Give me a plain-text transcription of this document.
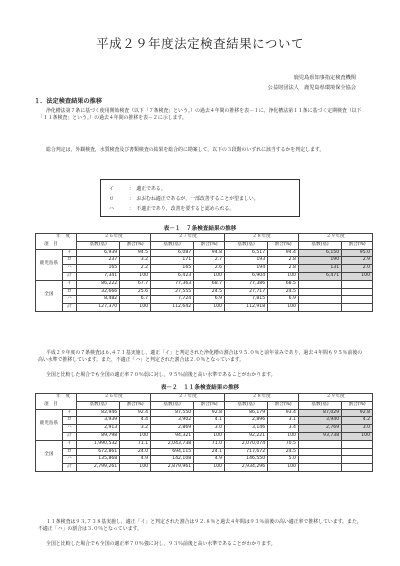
平成２９年度法定検査結果について
鹿児島県知事指定検査機関
公益財団法人　鹿児島県環境保全協会
１．法定検査結果の推移
浄化槽法第７条に基づく使用開始検査（以下「７条検査」という。）の過去４年間の推移を表－１に、浄化槽法第１１条に基づく定期検査（以下「１１条検査」という。）の過去４年間の推移を表－２に示します。
総合判定は，外観検査，水質検査及び書類検査の結果を総合的に勘案して，以下の３段階のいずれに該当するかを判定します。
イ	：　適正である。
ロ	：　おおむね適正であるが，一部改善することが望ましい。
ハ	：　不適正であり，改善を要すると認められる。
表－１　７条検査結果の推移
年　度
項　目		２６年度		２７年度		２８年度		２９年度	
		基数(基)	割合(%)	基数(基)	割合(%)	基数(基)	割合(%)	基数(基)	割合(%)
鹿児島県	イ	6,939	94.5	6,087	94.8	6,517	94.4	6,150	95.0
	ロ	237	3.2	171	2.7	193	2.8	190	2.9
	ハ	165	2.2	165	2.6	194	2.8	131	2.0
	計	7,341	100	6,423	100	6,904	100	6,471	100
全国	イ	86,222	67.7	77,363	68.7	77,386	68.5		
	ロ	32,666	25.6	27,555	24.5	27,717	24.5		
	ハ	8,482	6.7	7,724	6.9	7,815	6.9		
	計	127,370	100	112,642	100	112,918	100		
平成２９年度の７条検査は６,４７１基実施し，適正「イ」と判定された浄化槽の割合は９５.０％と前年並みであり，過去４年間も９５％前後の高い水準で推移しています。また，不適正「ハ」と判定された割合は２.０％となっています。
全国と比較した場合でも全国の適正率７０％弱に対し，９５％前後と高い水準であることがわかります。
表－２　１１条検査結果の推移
年　度
項　目		２６年度		２７年度		２８年度		２９年度	
		基数(基)	割合(%)	基数(基)	割合(%)	基数(基)	割合(%)	基数(基)	割合(%)
鹿児島県	イ	82,946	92.4	87,550	92.8	86,179	93.4	87,029	92.8
	ロ	3,939	4.4	3,902	4.1	2,896	3.1	3,940	4.2
	ハ	2,913	3.2	2,869	3.0	3,146	3.4	2,769	3.0
	計	89,798	100	94,321	100	92,221	100	93,738	100
全国	イ	1,990,532	71.1	2,043,738	71.0	2,070,074	70.5		
	ロ	672,861	24.0	694,115	24.1	717,672	24.5		
	ハ	135,868	4.9	142,108	4.9	146,550	5.0		
	計	2,799,261	100	2,879,961	100	2,934,296	100		
１１条検査は９３,７３８基実施し，適正「イ」と判定された割合は９２.８％と過去４年間は９３％前後の高い適正率で推移しています。また，不適正「ハ」の割合は３.０％となっています。
全国と比較した場合でも全国の適正率７０％強に対し，９３％前後と高い水準であることがわかります。
